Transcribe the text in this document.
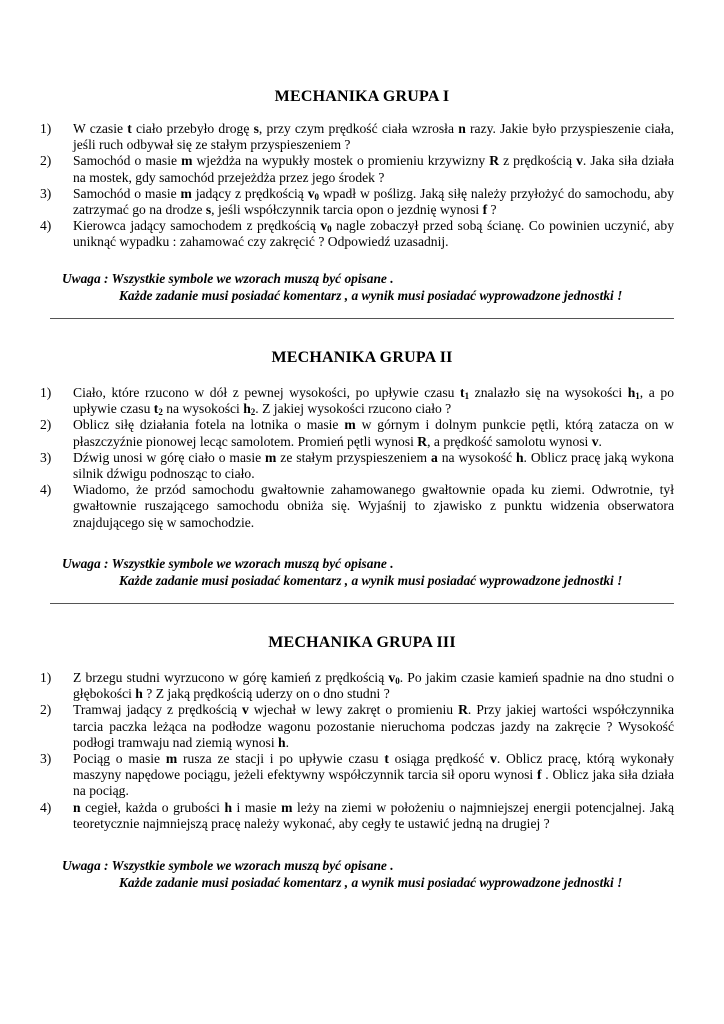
MECHANIKA GRUPA I
1) W czasie t ciało przebyło drogę s, przy czym prędkość ciała wzrosła n razy. Jakie było przyspieszenie ciała, jeśli ruch odbywał się ze stałym przyspieszeniem ?
2) Samochód o masie m wjeżdża na wypukły mostek o promieniu krzywizny R z prędkością v. Jaka siła działa na mostek, gdy samochód przejeżdża przez jego środek ?
3) Samochód o masie m jadący z prędkością $v_0$ wpadł w poślizg. Jaką siłę należy przyłożyć do samochodu, aby zatrzymać go na drodze s, jeśli współczynnik tarcia opon o jezdnię wynosi f ?
4) Kierowca jadący samochodem z prędkością $v_0$ nagle zobaczył przed sobą ścianę. Co powinien uczynić, aby uniknąć wypadku : zahamować czy zakręcić ? Odpowiedź uzasadnij.
Uwaga : Wszystkie symbole we wzorach muszą być opisane .
Każde zadanie musi posiadać komentarz , a wynik musi posiadać wyprowadzone jednostki !
MECHANIKA GRUPA II
1) Ciało, które rzucono w dół z pewnej wysokości, po upływie czasu $t_1$ znalazło się na wysokości $h_1$, a po upływie czasu $t_2$ na wysokości $h_2$. Z jakiej wysokości rzucono ciało ?
2) Oblicz siłę działania fotela na lotnika o masie m w górnym i dolnym punkcie pętli, którą zatacza on w płaszczyźnie pionowej lecąc samolotem. Promień pętli wynosi R, a prędkość samolotu wynosi v.
3) Dźwig unosi w górę ciało o masie m ze stałym przyspieszeniem a na wysokość h. Oblicz pracę jaką wykona silnik dźwigu podnosząc to ciało.
4) Wiadomo, że przód samochodu gwałtownie zahamowanego gwałtownie opada ku ziemi. Odwrotnie, tył gwałtownie ruszającego samochodu obniża się. Wyjaśnij to zjawisko z punktu widzenia obserwatora znajdującego się w samochodzie.
Uwaga : Wszystkie symbole we wzorach muszą być opisane .
Każde zadanie musi posiadać komentarz , a wynik musi posiadać wyprowadzone jednostki !
MECHANIKA GRUPA III
1) Z brzegu studni wyrzucono w górę kamień z prędkością $v_0$. Po jakim czasie kamień spadnie na dno studni o głębokości h ? Z jaką prędkością uderzy on o dno studni ?
2) Tramwaj jadący z prędkością v wjechał w lewy zakręt o promieniu R. Przy jakiej wartości współczynnika tarcia paczka leżąca na podłodze wagonu pozostanie nieruchoma podczas jazdy na zakręcie ? Wysokość podłogi tramwaju nad ziemią wynosi h.
3) Pociąg o masie m rusza ze stacji i po upływie czasu t osiąga prędkość v. Oblicz pracę, którą wykonały maszyny napędowe pociągu, jeżeli efektywny współczynnik tarcia sił oporu wynosi f . Oblicz jaka siła działa na pociąg.
4) n cegieł, każda o grubości h i masie m leży na ziemi w położeniu o najmniejszej energii potencjalnej. Jaką teoretycznie najmniejszą pracę należy wykonać, aby cegły te ustawić jedną na drugiej ?
Uwaga : Wszystkie symbole we wzorach muszą być opisane .
Każde zadanie musi posiadać komentarz , a wynik musi posiadać wyprowadzone jednostki !
